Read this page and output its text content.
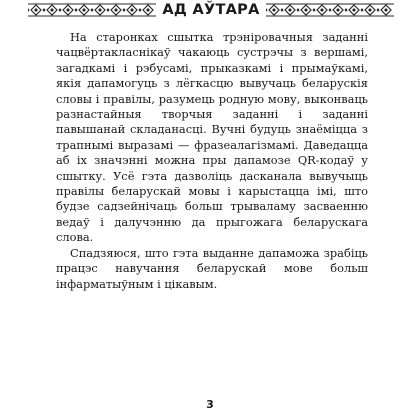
АД АЎТАРА

На старонках сшытка трэніровачныя заданні чацвёртакласнікаў чакаюць сустрэчы з вершамі, загадкамі і рэбусамі, прыказкамі і прымаўкамі, якія дапамогуць з лёгкасцю вывучаць беларускія словы і правілы, разумець родную мову, выконваць разнастайныя творчыя заданні і заданні павышанай складанасці. Вучні будуць знаёміцца з трапнымі выразамі — фразеалагізмамі. Даведацца аб іх значэнні можна пры дапамозе QR-кодаў у сшытку. Усё гэта дазволіць дасканала вывучыць правілы беларускай мовы і карыстацца імі, што будзе садзейнічаць больш трываламу засваенню ведаў і далучэнню да прыгожага беларускага слова.

Спадзяюся, што гэта выданне дапаможа зрабіць працэс навучання беларускай мове больш інфарматыўным і цікавым.

3
